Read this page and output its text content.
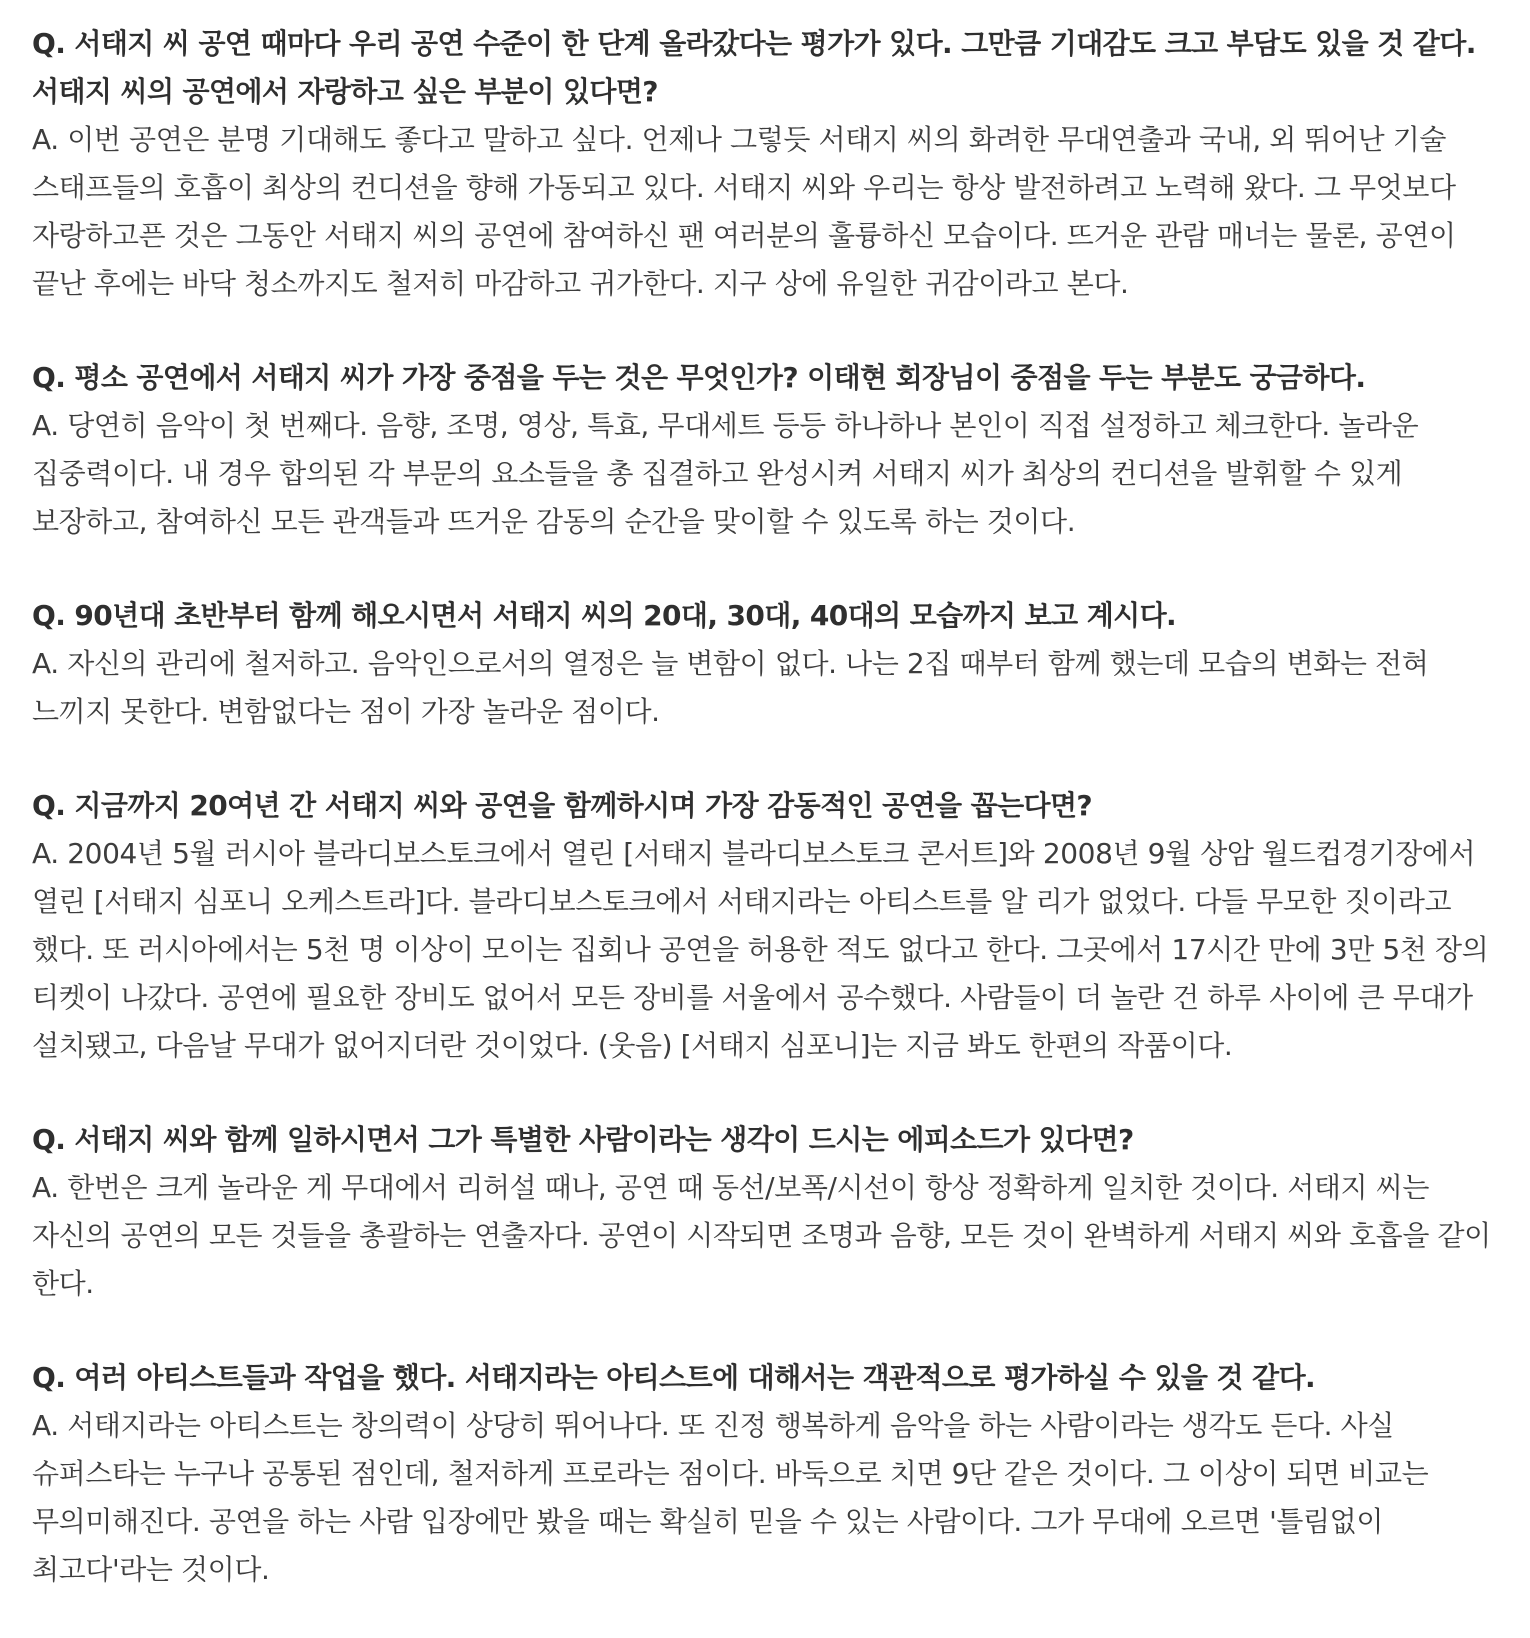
Q. 서태지 씨 공연 때마다 우리 공연 수준이 한 단계 올라갔다는 평가가 있다. 그만큼 기대감도 크고 부담도 있을 것 같다. 서태지 씨의 공연에서 자랑하고 싶은 부분이 있다면?

A. 이번 공연은 분명 기대해도 좋다고 말하고 싶다. 언제나 그렇듯 서태지 씨의 화려한 무대연출과 국내, 외 뛰어난 기술 스태프들의 호흡이 최상의 컨디션을 향해 가동되고 있다. 서태지 씨와 우리는 항상 발전하려고 노력해 왔다. 그 무엇보다 자랑하고픈 것은 그동안 서태지 씨의 공연에 참여하신 팬 여러분의 훌륭하신 모습이다. 뜨거운 관람 매너는 물론, 공연이 끝난 후에는 바닥 청소까지도 철저히 마감하고 귀가한다. 지구 상에 유일한 귀감이라고 본다.

Q. 평소 공연에서 서태지 씨가 가장 중점을 두는 것은 무엇인가? 이태현 회장님이 중점을 두는 부분도 궁금하다.

A. 당연히 음악이 첫 번째다. 음향, 조명, 영상, 특효, 무대세트 등등 하나하나 본인이 직접 설정하고 체크한다. 놀라운 집중력이다. 내 경우 합의된 각 부문의 요소들을 총 집결하고 완성시켜 서태지 씨가 최상의 컨디션을 발휘할 수 있게 보장하고, 참여하신 모든 관객들과 뜨거운 감동의 순간을 맞이할 수 있도록 하는 것이다.

Q. 90년대 초반부터 함께 해오시면서 서태지 씨의 20대, 30대, 40대의 모습까지 보고 계시다.

A. 자신의 관리에 철저하고. 음악인으로서의 열정은 늘 변함이 없다. 나는 2집 때부터 함께 했는데 모습의 변화는 전혀 느끼지 못한다. 변함없다는 점이 가장 놀라운 점이다.

Q. 지금까지 20여년 간 서태지 씨와 공연을 함께하시며 가장 감동적인 공연을 꼽는다면?

A. 2004년 5월 러시아 블라디보스토크에서 열린 [서태지 블라디보스토크 콘서트]와 2008년 9월 상암 월드컵경기장에서 열린 [서태지 심포니 오케스트라]다. 블라디보스토크에서 서태지라는 아티스트를 알 리가 없었다. 다들 무모한 짓이라고 했다. 또 러시아에서는 5천 명 이상이 모이는 집회나 공연을 허용한 적도 없다고 한다. 그곳에서 17시간 만에 3만 5천 장의 티켓이 나갔다. 공연에 필요한 장비도 없어서 모든 장비를 서울에서 공수했다. 사람들이 더 놀란 건 하루 사이에 큰 무대가 설치됐고, 다음날 무대가 없어지더란 것이었다. (웃음) [서태지 심포니]는 지금 봐도 한편의 작품이다.

Q. 서태지 씨와 함께 일하시면서 그가 특별한 사람이라는 생각이 드시는 에피소드가 있다면?

A. 한번은 크게 놀라운 게 무대에서 리허설 때나, 공연 때 동선/보폭/시선이 항상 정확하게 일치한 것이다. 서태지 씨는 자신의 공연의 모든 것들을 총괄하는 연출자다. 공연이 시작되면 조명과 음향, 모든 것이 완벽하게 서태지 씨와 호흡을 같이 한다.

Q. 여러 아티스트들과 작업을 했다. 서태지라는 아티스트에 대해서는 객관적으로 평가하실 수 있을 것 같다.

A. 서태지라는 아티스트는 창의력이 상당히 뛰어나다. 또 진정 행복하게 음악을 하는 사람이라는 생각도 든다. 사실 슈퍼스타는 누구나 공통된 점인데, 철저하게 프로라는 점이다. 바둑으로 치면 9단 같은 것이다. 그 이상이 되면 비교는 무의미해진다. 공연을 하는 사람 입장에만 봤을 때는 확실히 믿을 수 있는 사람이다. 그가 무대에 오르면 '틀림없이 최고다'라는 것이다.
